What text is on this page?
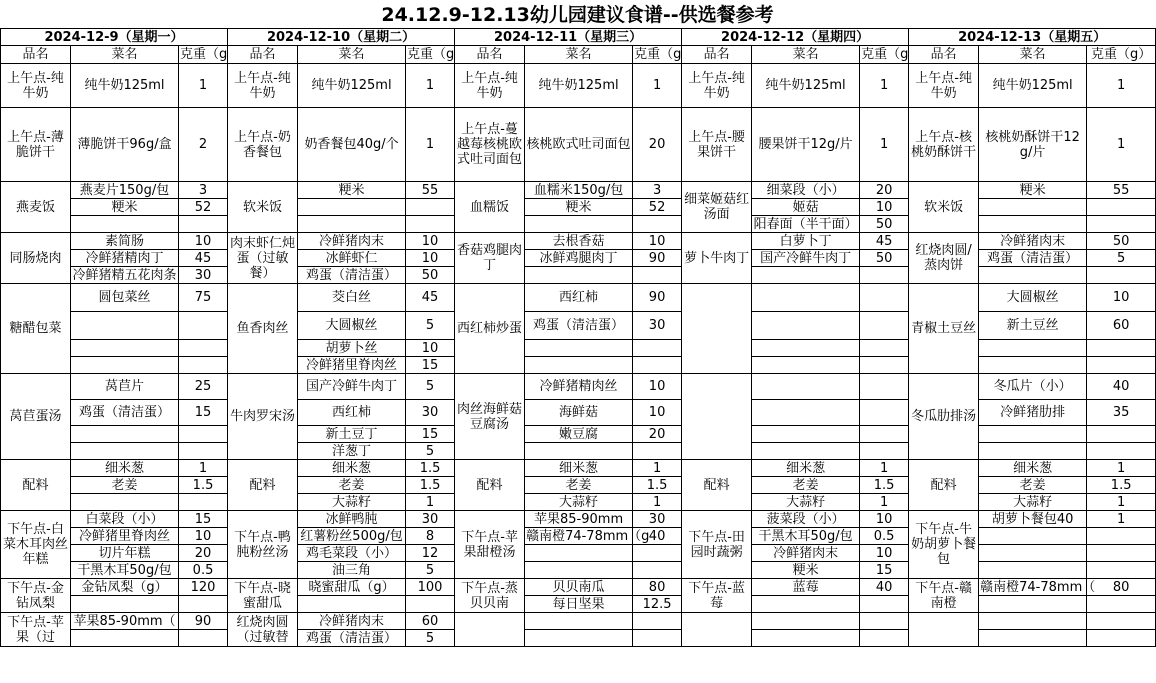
24.12.9-12.13幼儿园建议食谱--供选餐参考
2024-12-9（星期一）			2024-12-10（星期二）			2024-12-11（星期三）			2024-12-12（星期四）			2024-12-13（星期五）		
品名	菜名	克重（g	品名	菜名	克重（g	品名	菜名	克重（g	品名	菜名	克重（g	品名	菜名	克重（g）
上午点-纯牛奶	纯牛奶125ml	1	上午点-纯牛奶	纯牛奶125ml	1	上午点-纯牛奶	纯牛奶125ml	1	上午点-纯牛奶	纯牛奶125ml	1	上午点-纯牛奶	纯牛奶125ml	1
上午点-薄脆饼干	薄脆饼干96g/盒	2	上午点-奶香餐包	奶香餐包40g/个	1	上午点-蔓越莓核桃欧式吐司面包	核桃欧式吐司面包	20	上午点-腰果饼干	腰果饼干12g/片	1	上午点-核桃奶酥饼干	核桃奶酥饼干12g/片	1
燕麦饭	燕麦片150g/包	3	软米饭	粳米	55	血糯饭	血糯米150g/包	3	细菜姬菇红汤面	细菜段（小）	20	软米饭	粳米	55
	粳米	52					粳米	52		姬菇	10			
										阳春面（半干面）	50			
同肠烧肉	素简肠	10	肉末虾仁炖蛋（过敏餐）	冷鲜猪肉末	10	香菇鸡腿肉丁	去根香菇	10	萝卜牛肉丁	白萝卜丁	45	红烧肉圆/蒸肉饼	冷鲜猪肉末	50
	冷鲜猪精肉丁	45		冰鲜虾仁	10		冰鲜鸡腿肉丁	90		国产冷鲜牛肉丁	50		鸡蛋（清洁蛋）	5
	冷鲜猪精五花肉条	30		鸡蛋（清洁蛋）	50									
糖醋包菜	圆包菜丝	75	鱼香肉丝	茭白丝	45	西红柿炒蛋	西红柿	90				青椒土豆丝	大圆椒丝	10
				大圆椒丝	5		鸡蛋（清洁蛋）	30					新土豆丝	60
				胡萝卜丝	10									
				冷鲜猪里脊肉丝	15									
莴苣蛋汤	莴苣片	25	牛肉罗宋汤	国产冷鲜牛肉丁	5	肉丝海鲜菇豆腐汤	冷鲜猪精肉丝	10				冬瓜肋排汤	冬瓜片（小）	40
	鸡蛋（清洁蛋）	15		西红柿	30		海鲜菇	10					冷鲜猪肋排	35
				新土豆丁	15		嫩豆腐	20						
				洋葱丁	5									
配料	细米葱	1	配料	细米葱	1.5	配料	细米葱	1	配料	细米葱	1	配料	细米葱	1
	老姜	1.5		老姜	1.5		老姜	1.5		老姜	1.5		老姜	1.5
				大蒜籽	1		大蒜籽	1		大蒜籽	1		大蒜籽	1
下午点-白菜木耳肉丝年糕	白菜段（小）	15	下午点-鸭肫粉丝汤	冰鲜鸭肫	30	下午点-苹果甜橙汤	苹果85-90mm	30	下午点-田园时蔬粥	菠菜段（小）	10	下午点-牛奶胡萝卜餐包	胡萝卜餐包40	1
	冷鲜猪里脊肉丝	10		红薯粉丝500g/包	8		赣南橙74-78mm（g	40		干黑木耳50g/包	0.5			
	切片年糕	20		鸡毛菜段（小）	12					冷鲜猪肉末	10			
	干黑木耳50g/包	0.5		油三角	5					粳米	15			
下午点-金钻凤梨	金钻凤梨（g）	120	下午点-晓蜜甜瓜	晓蜜甜瓜（g）	100	下午点-蒸贝贝南	贝贝南瓜	80	下午点-蓝莓	蓝莓	40	下午点-赣南橙	赣南橙74-78mm（	80
							每日坚果	12.5						
下午点-苹果（过	苹果85-90mm（	90	红烧肉圆（过敏替	冷鲜猪肉末	60									
				鸡蛋（清洁蛋）	5									
